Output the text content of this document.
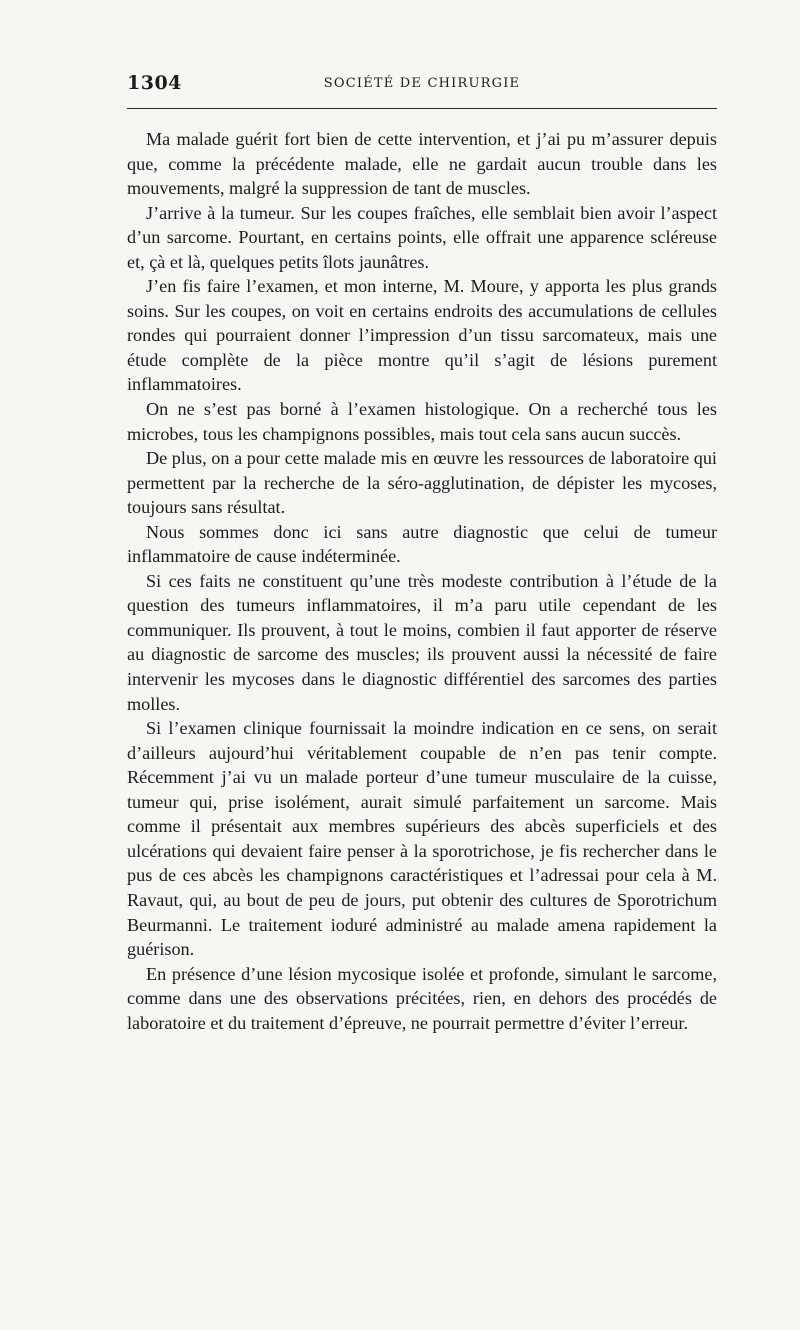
1304	SOCIÉTÉ DE CHIRURGIE

Ma malade guérit fort bien de cette intervention, et j’ai pu m’assurer depuis que, comme la précédente malade, elle ne gardait aucun trouble dans les mouvements, malgré la suppression de tant de muscles.

J’arrive à la tumeur. Sur les coupes fraîches, elle semblait bien avoir l’aspect d’un sarcome. Pourtant, en certains points, elle offrait une apparence scléreuse et, çà et là, quelques petits îlots jaunâtres.

J’en fis faire l’examen, et mon interne, M. Moure, y apporta les plus grands soins. Sur les coupes, on voit en certains endroits des accumulations de cellules rondes qui pourraient donner l’impression d’un tissu sarcomateux, mais une étude complète de la pièce montre qu’il s’agit de lésions purement inflammatoires.

On ne s’est pas borné à l’examen histologique. On a recherché tous les microbes, tous les champignons possibles, mais tout cela sans aucun succès.

De plus, on a pour cette malade mis en œuvre les ressources de laboratoire qui permettent par la recherche de la séro-agglutination, de dépister les mycoses, toujours sans résultat.

Nous sommes donc ici sans autre diagnostic que celui de tumeur inflammatoire de cause indéterminée.

Si ces faits ne constituent qu’une très modeste contribution à l’étude de la question des tumeurs inflammatoires, il m’a paru utile cependant de les communiquer. Ils prouvent, à tout le moins, combien il faut apporter de réserve au diagnostic de sarcome des muscles; ils prouvent aussi la nécessité de faire intervenir les mycoses dans le diagnostic différentiel des sarcomes des parties molles.

Si l’examen clinique fournissait la moindre indication en ce sens, on serait d’ailleurs aujourd’hui véritablement coupable de n’en pas tenir compte. Récemment j’ai vu un malade porteur d’une tumeur musculaire de la cuisse, tumeur qui, prise isolément, aurait simulé parfaitement un sarcome. Mais comme il présentait aux membres supérieurs des abcès superficiels et des ulcérations qui devaient faire penser à la sporotrichose, je fis rechercher dans le pus de ces abcès les champignons caractéristiques et l’adressai pour cela à M. Ravaut, qui, au bout de peu de jours, put obtenir des cultures de Sporotrichum Beurmanni. Le traitement ioduré administré au malade amena rapidement la guérison.

En présence d’une lésion mycosique isolée et profonde, simulant le sarcome, comme dans une des observations précitées, rien, en dehors des procédés de laboratoire et du traitement d’épreuve, ne pourrait permettre d’éviter l’erreur.
